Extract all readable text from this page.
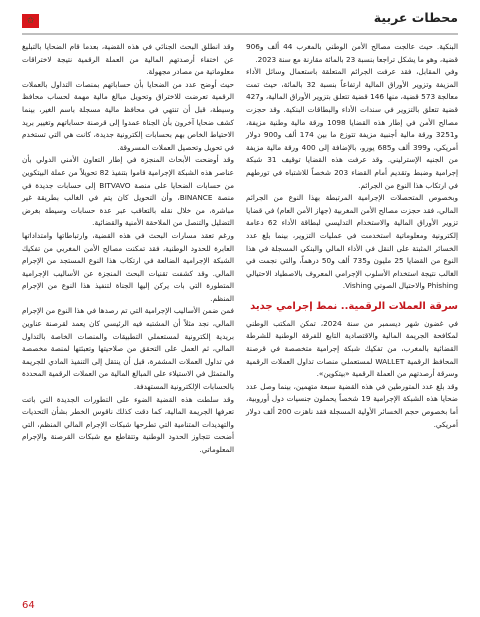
محطات عربية
✩

البنكية. حيث عالجت مصالح الأمن الوطني بالمغرب 44 ألف و906 قضية، وهو ما يشكل تراجعا بنسبة 23 بالمائة مقارنة مع سنة 2023.

وفي المقابل، فقد عرفت الجرائم المتعلقة باستعمال وسائل الأداء المزيفة وتزوير الأوراق المالية ارتفاعاً بنسبة 32 بالمائة، حيث تمت معالجة 573 قضية، منها 146 قضية تتعلق بتزوير الأوراق المالية، و427 قضية تتعلق بالتزوير في سندات الأداء والبطاقات البنكية. وقد حجزت مصالح الأمن في إطار هذه القضايا 1098 ورقة مالية وطنية مزيفة، و3251 ورقة مالية أجنبية مزيفة تتوزع ما بين 174 ألف و900 دولار أمريكي، و399 ألف و685 يورو، بالإضافة إلى 400 ورقة مالية مزيفة من الجنيه الإسترليني. وقد عرفت هذه القضايا توقيف 31 شبكة إجرامية وضبط وتقديم أمام القضاء 203 شخصاً للاشتباه في تورطهم في ارتكاب هذا النوع من الجرائم.

وبخصوص المتحصلات الإجرامية المرتبطة بهذا النوع من الجرائم المالي، فقد حجزت مصالح الأمن المغربية (جهاز الأمن العام) في قضايا تزوير الأوراق المالية والاستخدام التدليسي لبطاقة الأداء 62 دعامة إلكترونية ومعلوماتية استخدمت في عمليات التزوير، بينما بلغ عدد الخسائر المثبتة على النقل في الأداء المالي والبنكي المسجلة في هذا النوع من القضايا 25 مليون و735 ألف و50 درهماً، والتي نجمت في الغالب نتيجة استخدام الأسلوب الإجرامي المعروف بالاصطياد الاحتيالي Phishing والاحتيال الصوتي Vishing.

سرقة العملات الرقمية.. نمط إجرامي جديد

في غضون شهر ديسمبر من سنة 2024، تمكن المكتب الوطني لمكافحة الجريمة المالية والاقتصادية التابع للفرقة الوطنية للشرطة القضائية بالمغرب، من تفكيك شبكة إجرامية متخصصة في قرصنة المحافظ الرقمية WALLET لمستعملي منصات تداول العملات الرقمية وسرقة أرصدتهم من العملة الرقمية «بيتكوين».

وقد بلغ عدد المتورطين في هذه القضية سبعة متهمين، بينما وصل عدد ضحايا هذه الشبكة الإجرامية 19 شخصاً يحملون جنسيات دول أوروبية، أما بخصوص حجم الخسائر الأولية المسجلة فقد ناهزت 200 ألف دولار أمريكي.

وقد انطلق البحث الجنائي في هذه القضية، بعدما قام الضحايا بالتبليغ عن اختفاء أرصدتهم المالية من العملة الرقمية نتيجة لاختراقات معلوماتية من مصادر مجهولة.

حيث أوضح عدد من الضحايا بأن حساباتهم بمنصات التداول بالعملات الرقمية تعرضت للاختراق وتحويل مبالغ مالية مهمة لحساب محافظ وسيطة، قبل أن تنتهي في محافظ مالية مسجلة باسم الغير، بينما كشف ضحايا آخرون بأن الجناة عمدوا إلى قرصنة حساباتهم وتغيير بريد الاحتياط الخاص بهم بحسابات إلكترونية جديدة، كانت هي التي تستخدم في تحويل وتحصيل العملات المسروقة.

وقد أوضحت الأبحاث المنجزة في إطار التعاون الأمني الدولي بأن عناصر هذه الشبكة الإجرامية قاموا بتنفيذ 82 تحويلاً من عملة البيتكوين من حسابات الضحايا على منصة BITVAVO إلى حسابات جديدة في منصة BINANCE، وأن التحويل كان يتم في الغالب بطريقة غير مباشرة، من خلال نقله بالتعاقب عبر عدة حسابات وسيطة بغرض التضليل والتنصل من الملاحقة الأمنية والقضائية.

ورغم تعقد مسارات البحث في هذه القضية، وارتباطاتها وامتداداتها العابرة للحدود الوطنية، فقد تمكنت مصالح الأمن المغربي من تفكيك الشبكة الإجرامية الضالعة في ارتكاب هذا النوع المستجد من الإجرام المالي. وقد كشفت تقنيات البحث المنجزة عن الأساليب الإجرامية المتطورة التي بات يركن إليها الجناة لتنفيذ هذا النوع من الإجرام المنظم.

فمن ضمن الأساليب الإجرامية التي تم رصدها في هذا النوع من الإجرام المالي، نجد مثلاً أن المشتبه فيه الرئيسي كان يعمد لقرصنة عناوين بريدية إلكترونية لمستعملي التطبيقات والمنصات الخاصة بالتداول المالي، ثم العمل على التحقق من صلاحيتها وتعبئتها لمنصة مخصصة في تداول العملات المشفرة، قبل أن ينتقل إلى التنفيذ المادي للجريمة والمتمثل في الاستيلاء على المبالغ المالية من العملات الرقمية المحددة بالحسابات الإلكترونية المستهدفة.

وقد سلطت هذه القضية الضوء على التطورات الجديدة التي باتت تعرفها الجريمة المالية، كما دقت كذلك ناقوس الخطر بشأن التحديات والتهديدات المتنامية التي تطرحها شبكات الإجرام المالي المنظم، التي أضحت تتجاوز الحدود الوطنية وتتقاطع مع شبكات القرصنة والإجرام المعلوماتي.

64
